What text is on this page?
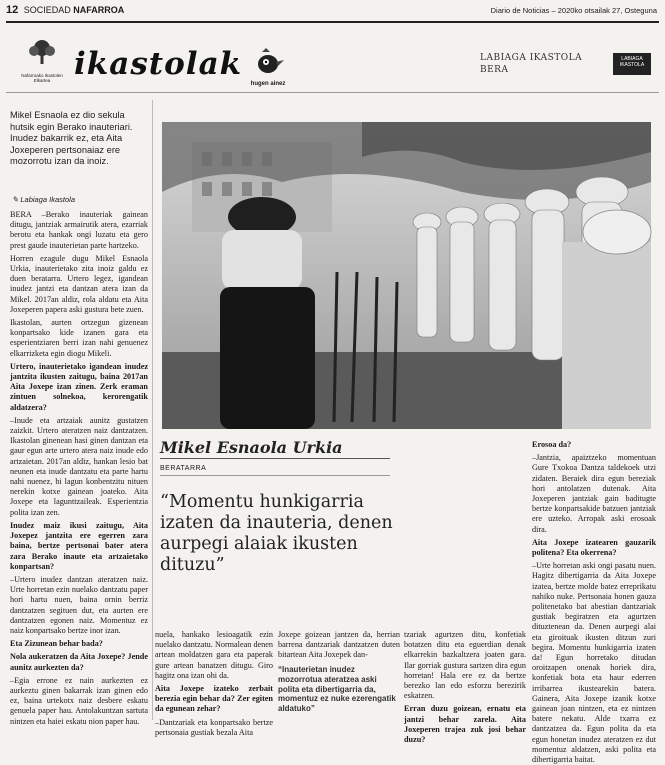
12 SOCIEDAD NAFARROA	Diario de Noticias – 2020ko otsailak 27, Osteguna
Nafarroako Ikastolen Elkartea ikastolak
hugen ainez
LABIAGA IKASTOLA
BERA
LABIAGA IKASTOLA
Mikel Esnaola ez dio sekula hutsik egin Berako inauteriari. Inudez bakarrik ez, eta Aita Joxeperen pertsonaiaz ere mozorrotu izan da inoiz.
✎ Labiaga Ikastola

BERA –Berako inauteriak gainean ditugu, jantziak armairutik atera, ezarriak berotu eta hankak ongi luzatu eta gero prest gaude inauterietan parte hartzeko.

Horren ezagule dugu Mikel Esnaola Urkia, inauterietako zita inoiz galdu ez duen beratarra. Urtero legez, igandean inudez jantzi eta dantzan atera izan da Mikel. 2017an aldiz, rola aldatu eta Aita Joxeperen papera aski gustura bete zuen.

Ikastolan, aurten ortzegun gizenean konpartsako kide izanen gara eta esperientziaren berri izan nahi genuenez elkarrizketa egin diogu Mikeli.

Urtero, inauterietako igandean inudez jantzita ikusten zaitugu, baina 2017an Aita Joxepe izan zinen. Zerk eraman zintuen solnekoa, kerorengatik aldatzera?

–Inude eta artzaiak aunitz gustatzen zaizkit. Urtero ateratzen naiz dantzatzen. Ikastolan ginenean hasi ginen dantzan eta gaur egun arte urtero atera naiz inude edo artzaietan. 2017an aldiz, hankan lesio bat neunen eta inude dantzatu eta parte hartu nahi nuenez, bi lagun konbentzitu nituen nerekin kotxe gainean joateko. Aita Joxepe eta lagunttzaileak. Esperientzia polita izan zen.

Inudez maiz ikusi zaitugu, Aita Joxepez jantzita ere egerren zara baina, bertze pertsonai bater atera zara Berako inaute eta artzaietako konpartsan?

–Urtero inudez dantzan ateratzen naiz. Urte horretan ezin nuelako dantzatu paper hori hartu nuen, baina ornin berriz dantzatzen segituen dut, eta aurten ere dantzatzen egonen naiz. Momentuz ez naiz konpartsako bertze inor izan.

Eta Zizunean behar bada?

Nola aukeratzen da Aita Joxepe? Jende aunitz aurkezten da?

–Egia errone ez nain aurkezten ez aurkeztu ginen bakarrak izan ginen edo ez, baina urtekotx naiz desbere eskatu genuela paper hau. Antolakuntzan sartuta nintzen eta haiei eskatu nion paper hau.

Mikel Esnaola Urkia
BERATARRA
“Momentu hunkigarria izaten da inauteria, denen aurpegi alaiak ikusten dituzu”

nuela, hankako lesioagatik ezin nuelako dantzatu. Normalean denen artean moldatzen gara eta paperak gure artean banatzen ditugu. Giro hagitz ona izan ohi da.

Aita Joxepe izateko zerbait berezia egin behar da? Zer egiten da egunean zehar?

–Dantzariak eta konpartsako bertze pertsonaia gustiak bezala Aita

Joxepe goizean jantzen da, herrian barrena dantzariak dantzatzen duten bitartean Aita Joxepek dan-

“Inauterietan inudez mozorrotua ateratzea aski polita eta dibertigarria da, momentuz ez nuke ezerengatik aldatuko”

tzariak agurtzen ditu, konfetiak botatzen ditu eta eguerdian denak elkarrekin bazkaltzera joaten gara. Ilar gorriak gustura sartzen dira egun horretan! Hala ere ez da bertze berezko lan edo esforzu berezirik eskatzen.

Erran duzu goizean, ernatu eta jantzi behar zarela. Aita Joxeperen trajea zuk josi behar duzu?

Erosoa da?

–Jantzia, apaiztzeko momentuan Gure Txokoa Dantza taldekoek utzi zidaten. Beraiek dira egun bereziak hori antolatzen dutenak. Aita Joxeperen jantziak gain baditugte bertze konpartsakide batzuen jantziak ere uzteko. Arropak aski erosoak dira.

Aita Joxepe izatearen gauzarik politena? Eta okerrena?

–Urte horretan aski ongi pasatu nuen. Hagitz dibertigarria da Aita Joxepe izatea, bertze molde batez erreprikatu nahiko nuke. Pertsonaia honen gauza politenetako bat abestian dantzariak gustiak begiratzen eta agurtzen dituztenean da. Denen aurpegi alai eta giroituak ikusten ditzun zuri begira. Momentu hunkigarria izaten da! Egun horretako ditudan oroitzapen onenak horiek dira, konfetiak bota eta haur ederren irribarrea ikustearekin batera. Gainera, Aita Joxepe izanik kotxe gainean joan nintzen, eta ez nintzen batere nekatu. Alde txarra ez dantzatzea da. Egun polita da eta egun honetan inudez ateratzen ez dut momentuz aldatzen, aski polita eta dibertigarria baitat.
